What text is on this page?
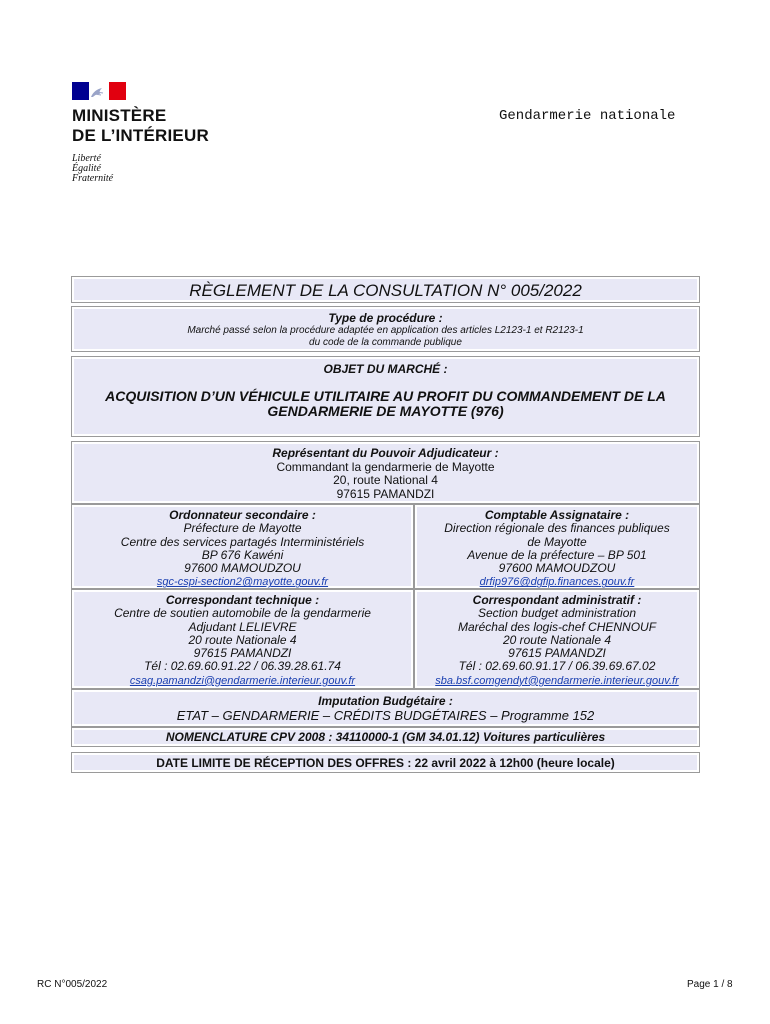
MINISTÈRE
DE L’INTÉRIEUR
Liberté
Égalité
Fraternité
Gendarmerie nationale
RÈGLEMENT DE LA CONSULTATION N° 005/2022
Type de procédure :
Marché passé selon la procédure adaptée en application des articles L2123-1 et R2123-1
du code de la commande publique
OBJET DU MARCHÉ :
ACQUISITION D’UN VÉHICULE UTILITAIRE AU PROFIT DU COMMANDEMENT DE LA
GENDARMERIE DE MAYOTTE (976)
Représentant du Pouvoir Adjudicateur :
Commandant la gendarmerie de Mayotte
20, route National 4
97615 PAMANDZI
Ordonnateur secondaire :
Préfecture de Mayotte
Centre des services partagés Interministériels
BP 676 Kawéni
97600 MAMOUDZOU
sgc-cspi-section2@mayotte.gouv.fr
Comptable Assignataire :
Direction régionale des finances publiques
de Mayotte
Avenue de la préfecture – BP 501
97600 MAMOUDZOU
drfip976@dgfip.finances.gouv.fr
Correspondant technique :
Centre de soutien automobile de la gendarmerie
Adjudant LELIEVRE
20 route Nationale 4
97615 PAMANDZI
Tél : 02.69.60.91.22 / 06.39.28.61.74
csag.pamandzi@gendarmerie.interieur.gouv.fr
Correspondant administratif :
Section budget administration
Maréchal des logis-chef CHENNOUF
20 route Nationale 4
97615 PAMANDZI
Tél : 02.69.60.91.17 / 06.39.69.67.02
sba.bsf.comgendyt@gendarmerie.interieur.gouv.fr
Imputation Budgétaire :
ETAT – GENDARMERIE – CRÉDITS BUDGÉTAIRES – Programme 152
NOMENCLATURE CPV 2008 : 34110000-1 (GM 34.01.12) Voitures particulières
DATE LIMITE DE RÉCEPTION DES OFFRES : 22 avril 2022 à 12h00 (heure locale)
RC N°005/2022	Page 1 / 8
